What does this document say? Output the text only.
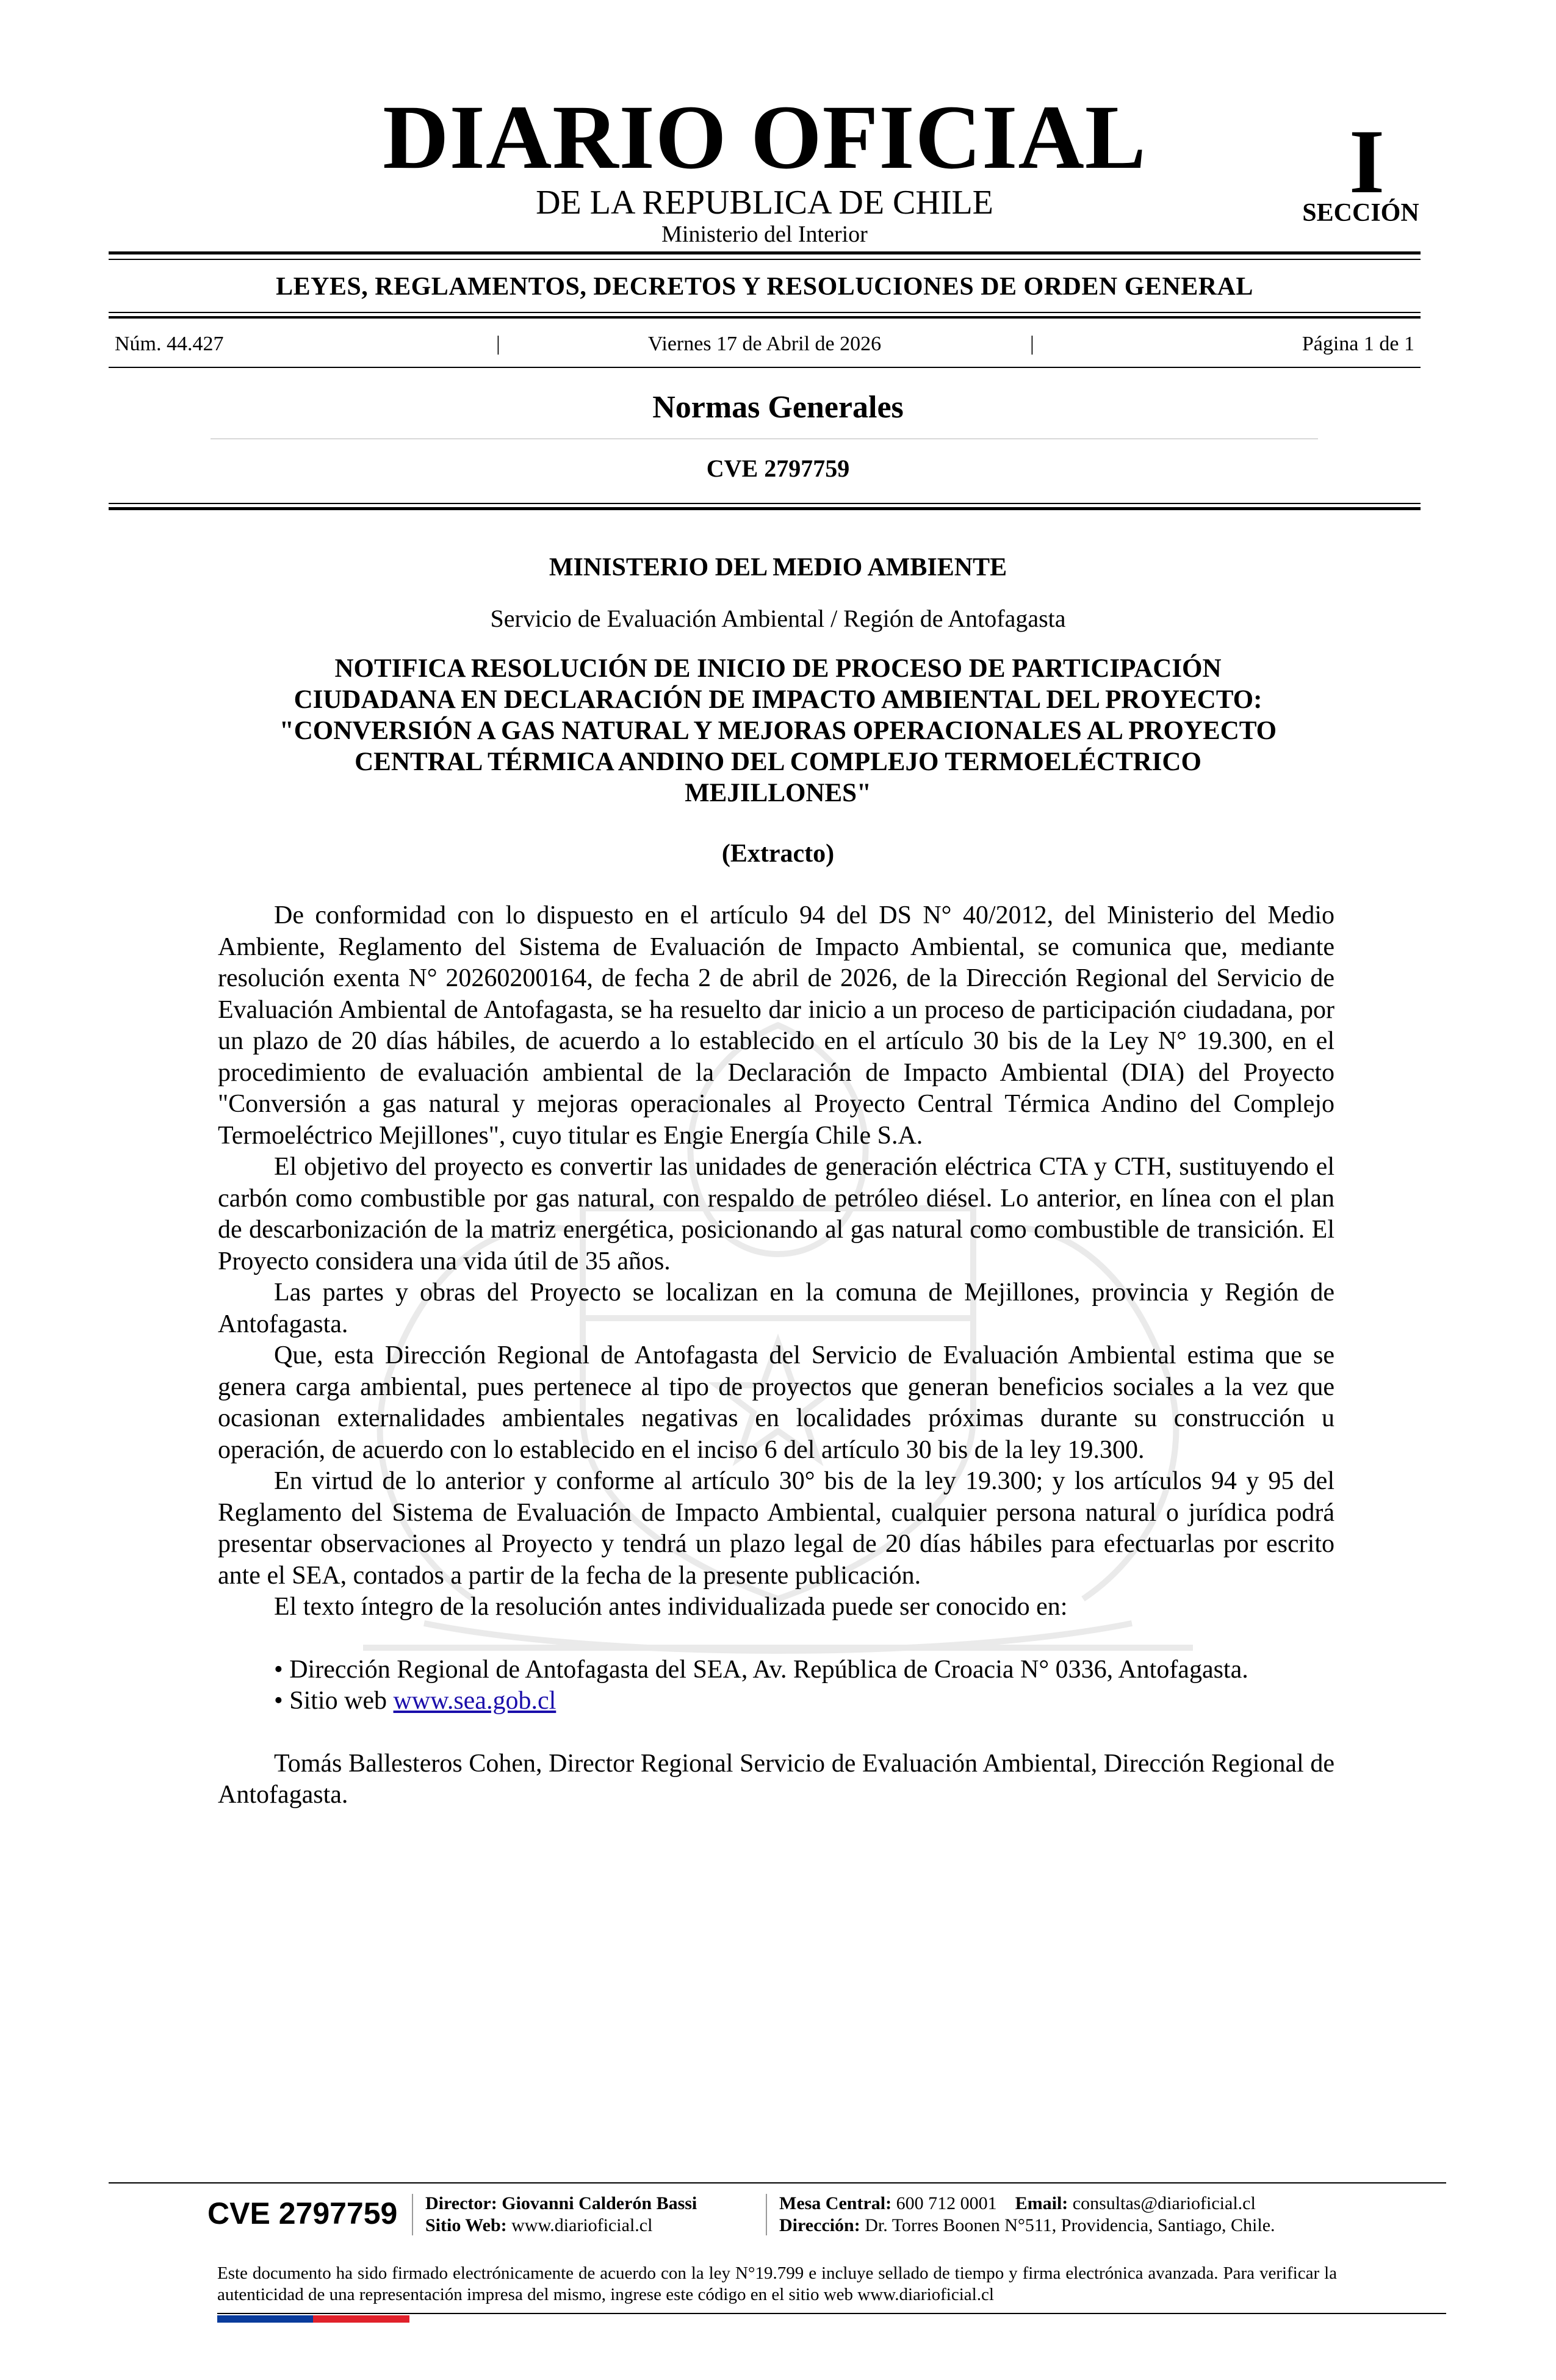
DIARIO OFICIAL
DE LA REPUBLICA DE CHILE
Ministerio del Interior
I
SECCIÓN
LEYES, REGLAMENTOS, DECRETOS Y RESOLUCIONES DE ORDEN GENERAL
Núm. 44.427	|	Viernes 17 de Abril de 2026	|	Página 1 de 1
Normas Generales
CVE 2797759
MINISTERIO DEL MEDIO AMBIENTE
Servicio de Evaluación Ambiental / Región de Antofagasta
NOTIFICA RESOLUCIÓN DE INICIO DE PROCESO DE PARTICIPACIÓN
CIUDADANA EN DECLARACIÓN DE IMPACTO AMBIENTAL DEL PROYECTO:
"CONVERSIÓN A GAS NATURAL Y MEJORAS OPERACIONALES AL PROYECTO
CENTRAL TÉRMICA ANDINO DEL COMPLEJO TERMOELÉCTRICO
MEJILLONES"
(Extracto)

De conformidad con lo dispuesto en el artículo 94 del DS N° 40/2012, del Ministerio del Medio Ambiente, Reglamento del Sistema de Evaluación de Impacto Ambiental, se comunica que, mediante resolución exenta N° 20260200164, de fecha 2 de abril de 2026, de la Dirección Regional del Servicio de Evaluación Ambiental de Antofagasta, se ha resuelto dar inicio a un proceso de participación ciudadana, por un plazo de 20 días hábiles, de acuerdo a lo establecido en el artículo 30 bis de la Ley N° 19.300, en el procedimiento de evaluación ambiental de la Declaración de Impacto Ambiental (DIA) del Proyecto "Conversión a gas natural y mejoras operacionales al Proyecto Central Térmica Andino del Complejo Termoeléctrico Mejillones", cuyo titular es Engie Energía Chile S.A.

El objetivo del proyecto es convertir las unidades de generación eléctrica CTA y CTH, sustituyendo el carbón como combustible por gas natural, con respaldo de petróleo diésel. Lo anterior, en línea con el plan de descarbonización de la matriz energética, posicionando al gas natural como combustible de transición. El Proyecto considera una vida útil de 35 años.

Las partes y obras del Proyecto se localizan en la comuna de Mejillones, provincia y Región de Antofagasta.

Que, esta Dirección Regional de Antofagasta del Servicio de Evaluación Ambiental estima que se genera carga ambiental, pues pertenece al tipo de proyectos que generan beneficios sociales a la vez que ocasionan externalidades ambientales negativas en localidades próximas durante su construcción u operación, de acuerdo con lo establecido en el inciso 6 del artículo 30 bis de la ley 19.300.

En virtud de lo anterior y conforme al artículo 30° bis de la ley 19.300; y los artículos 94 y 95 del Reglamento del Sistema de Evaluación de Impacto Ambiental, cualquier persona natural o jurídica podrá presentar observaciones al Proyecto y tendrá un plazo legal de 20 días hábiles para efectuarlas por escrito ante el SEA, contados a partir de la fecha de la presente publicación.

El texto íntegro de la resolución antes individualizada puede ser conocido en:

• Dirección Regional de Antofagasta del SEA, Av. República de Croacia N° 0336, Antofagasta.

• Sitio web www.sea.gob.cl

Tomás Ballesteros Cohen, Director Regional Servicio de Evaluación Ambiental, Dirección Regional de Antofagasta.

CVE 2797759 Director: Giovanni Calderón Bassi
Sitio Web: www.diarioficial.cl
Mesa Central: 600 712 0001 Email: consultas@diarioficial.cl
Dirección: Dr. Torres Boonen N°511, Providencia, Santiago, Chile.
Este documento ha sido firmado electrónicamente de acuerdo con la ley N°19.799 e incluye sellado de tiempo y firma electrónica avanzada. Para verificar la autenticidad de una representación impresa del mismo, ingrese este código en el sitio web www.diarioficial.cl
